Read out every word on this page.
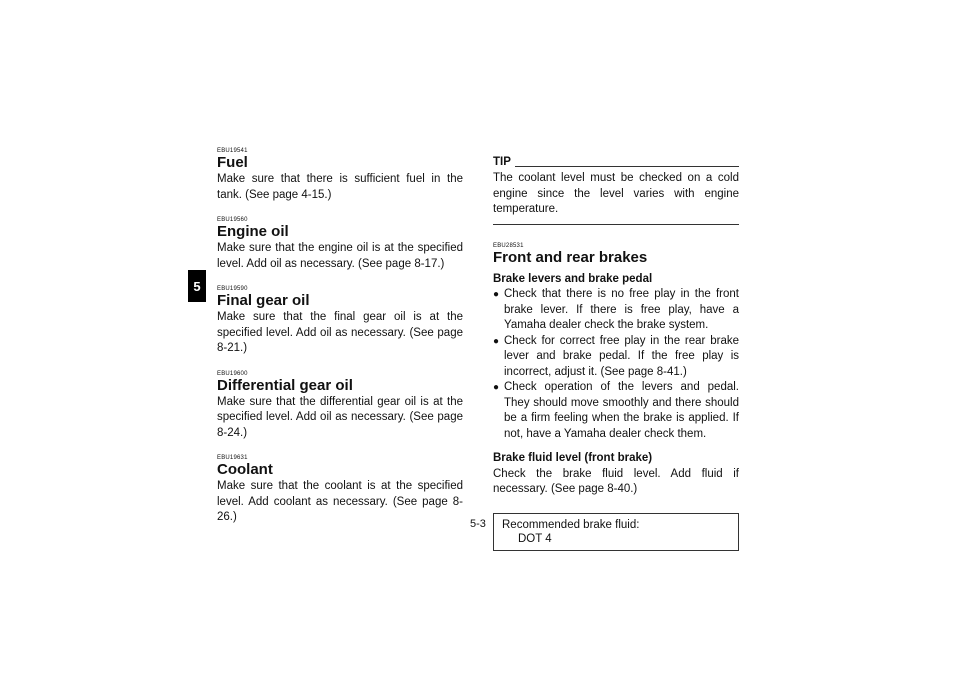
5
EBU19541
Fuel

Make sure that there is sufficient fuel in the tank. (See page 4-15.)

EBU19560
Engine oil

Make sure that the engine oil is at the specified level. Add oil as necessary. (See page 8-17.)

EBU19590
Final gear oil

Make sure that the final gear oil is at the specified level. Add oil as necessary. (See page 8-21.)

EBU19600
Differential gear oil

Make sure that the differential gear oil is at the specified level. Add oil as necessary. (See page 8-24.)

EBU19631
Coolant

Make sure that the coolant is at the specified level. Add coolant as necessary. (See page 8-26.)

TIP

The coolant level must be checked on a cold engine since the level varies with engine temperature.

EBU28531
Front and rear brakes
Brake levers and brake pedal
● Check that there is no free play in the front brake lever. If there is free play, have a Yamaha dealer check the brake system.
● Check for correct free play in the rear brake lever and brake pedal. If the free play is incorrect, adjust it. (See page 8-41.)
● Check operation of the levers and pedal. They should move smoothly and there should be a firm feeling when the brake is applied. If not, have a Yamaha dealer check them.
Brake fluid level (front brake)

Check the brake fluid level. Add fluid if necessary. (See page 8-40.)

Recommended brake fluid:
DOT 4
5-3
